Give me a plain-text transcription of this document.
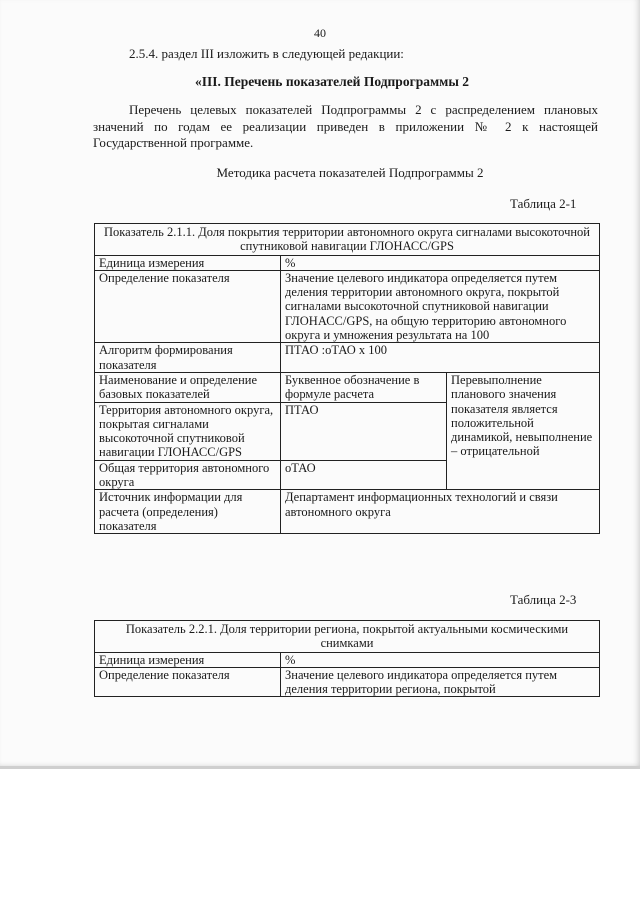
40
2.5.4. раздел III изложить в следующей редакции:
«III. Перечень показателей Подпрограммы 2
Перечень целевых показателей Подпрограммы 2 с распределением плановых значений по годам ее реализации приведен в приложении № 2 к настоящей Государственной программе.
Методика расчета показателей Подпрограммы 2
Таблица 2-1
Показатель 2.1.1. Доля покрытия территории автономного округа сигналами высокоточной спутниковой навигации ГЛОНАСС/GPS		
Единица измерения	%	
Определение показателя	Значение целевого индикатора определяется путем деления территории автономного округа, покрытой сигналами высокоточной спутниковой навигации ГЛОНАСС/GPS, на общую территорию автономного округа и умножения результата на 100	
Алгоритм формирования показателя	ПТАО :оТАО х 100	
Наименование и определение базовых показателей	Буквенное обозначение в формуле расчета	Перевыполнение планового значения показателя является положительной динамикой, невыполнение – отрицательной
Территория автономного округа, покрытая сигналами высокоточной спутниковой навигации ГЛОНАСС/GPS	ПТАО	
Общая территория автономного округа	оТАО	
Источник информации для расчета (определения) показателя	Департамент информационных технологий и связи автономного округа	
Таблица 2-3
Показатель 2.2.1. Доля территории региона, покрытой актуальными космическими снимками	
Единица измерения	%
Определение показателя	Значение целевого индикатора определяется путем деления территории региона, покрытой
